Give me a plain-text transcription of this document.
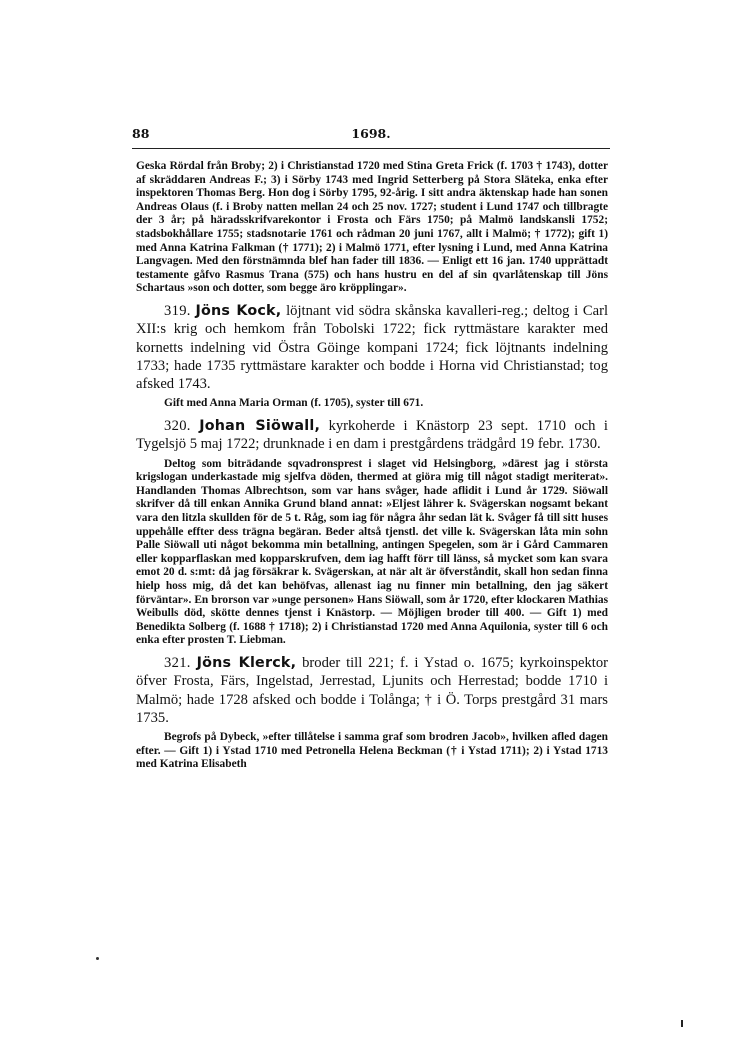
88	1698.

Geska Rördal från Broby; 2) i Christianstad 1720 med Stina Greta Frick (f. 1703 † 1743), dotter af skräddaren Andreas F.; 3) i Sörby 1743 med Ingrid Setterberg på Stora Släteka, enka efter inspektoren Thomas Berg. Hon dog i Sörby 1795, 92-årig. I sitt andra äktenskap hade han sonen Andreas Olaus (f. i Broby natten mellan 24 och 25 nov. 1727; student i Lund 1747 och tillbragte der 3 år; på häradsskrifvarekontor i Frosta och Färs 1750; på Malmö landskansli 1752; stadsbokhållare 1755; stadsnotarie 1761 och rådman 20 juni 1767, allt i Malmö; † 1772); gift 1) med Anna Katrina Falkman († 1771); 2) i Malmö 1771, efter lysning i Lund, med Anna Katrina Langvagen. Med den förstnämnda blef han fader till 1836. — Enligt ett 16 jan. 1740 upprättadt testamente gåfvo Rasmus Trana (575) och hans hustru en del af sin qvarlåtenskap till Jöns Schartaus »son och dotter, som begge äro kröpplingar».

319. Jöns Kock, löjtnant vid södra skånska kavalleri-reg.; deltog i Carl XII:s krig och hemkom från Tobolski 1722; fick ryttmästare karakter med kornetts indelning vid Östra Göinge kompani 1724; fick löjtnants indelning 1733; hade 1735 ryttmästare karakter och bodde i Horna vid Christianstad; tog afsked 1743.

Gift med Anna Maria Orman (f. 1705), syster till 671.

320. Johan Siöwall, kyrkoherde i Knästorp 23 sept. 1710 och i Tygelsjö 5 maj 1722; drunknade i en dam i prestgårdens trädgård 19 febr. 1730.

Deltog som biträdande sqvadronsprest i slaget vid Helsingborg, »därest jag i största krigslogan underkastade mig sjelfva döden, thermed at giöra mig till något stadigt meriterat». Handlanden Thomas Albrechtson, som var hans svåger, hade aflidit i Lund år 1729. Siöwall skrifver då till enkan Annika Grund bland annat: »Eljest lährer k. Svägerskan nogsamt bekant vara den litzla skullden för de 5 t. Råg, som iag för några åhr sedan lät k. Svåger få till sitt huses uppehålle effter dess trägna begäran. Beder altså tjenstl. det ville k. Svägerskan låta min sohn Palle Siöwall uti något bekomma min betallning, antingen Spegelen, som är i Gård Cammaren eller kopparflaskan med kopparskrufven, dem iag hafft förr till länss, så mycket som kan svara emot 20 d. s:mt: då jag försäkrar k. Svägerskan, at när alt är öfverståndit, skall hon sedan finna hielp hoss mig, då det kan behöfvas, allenast iag nu finner min betallning, den jag säkert förväntar». En brorson var »unge personen» Hans Siöwall, som år 1720, efter klockaren Mathias Weibulls död, skötte dennes tjenst i Knästorp. — Möjligen broder till 400. — Gift 1) med Benedikta Solberg (f. 1688 † 1718); 2) i Christianstad 1720 med Anna Aquilonia, syster till 6 och enka efter prosten T. Liebman.

321. Jöns Klerck, broder till 221; f. i Ystad o. 1675; kyrkoinspektor öfver Frosta, Färs, Ingelstad, Jerrestad, Ljunits och Herrestad; bodde 1710 i Malmö; hade 1728 afsked och bodde i Tolånga; † i Ö. Torps prestgård 31 mars 1735.

Begrofs på Dybeck, »efter tillåtelse i samma graf som brodren Jacob», hvilken afled dagen efter. — Gift 1) i Ystad 1710 med Petronella Helena Beckman († i Ystad 1711); 2) i Ystad 1713 med Katrina Elisabeth
